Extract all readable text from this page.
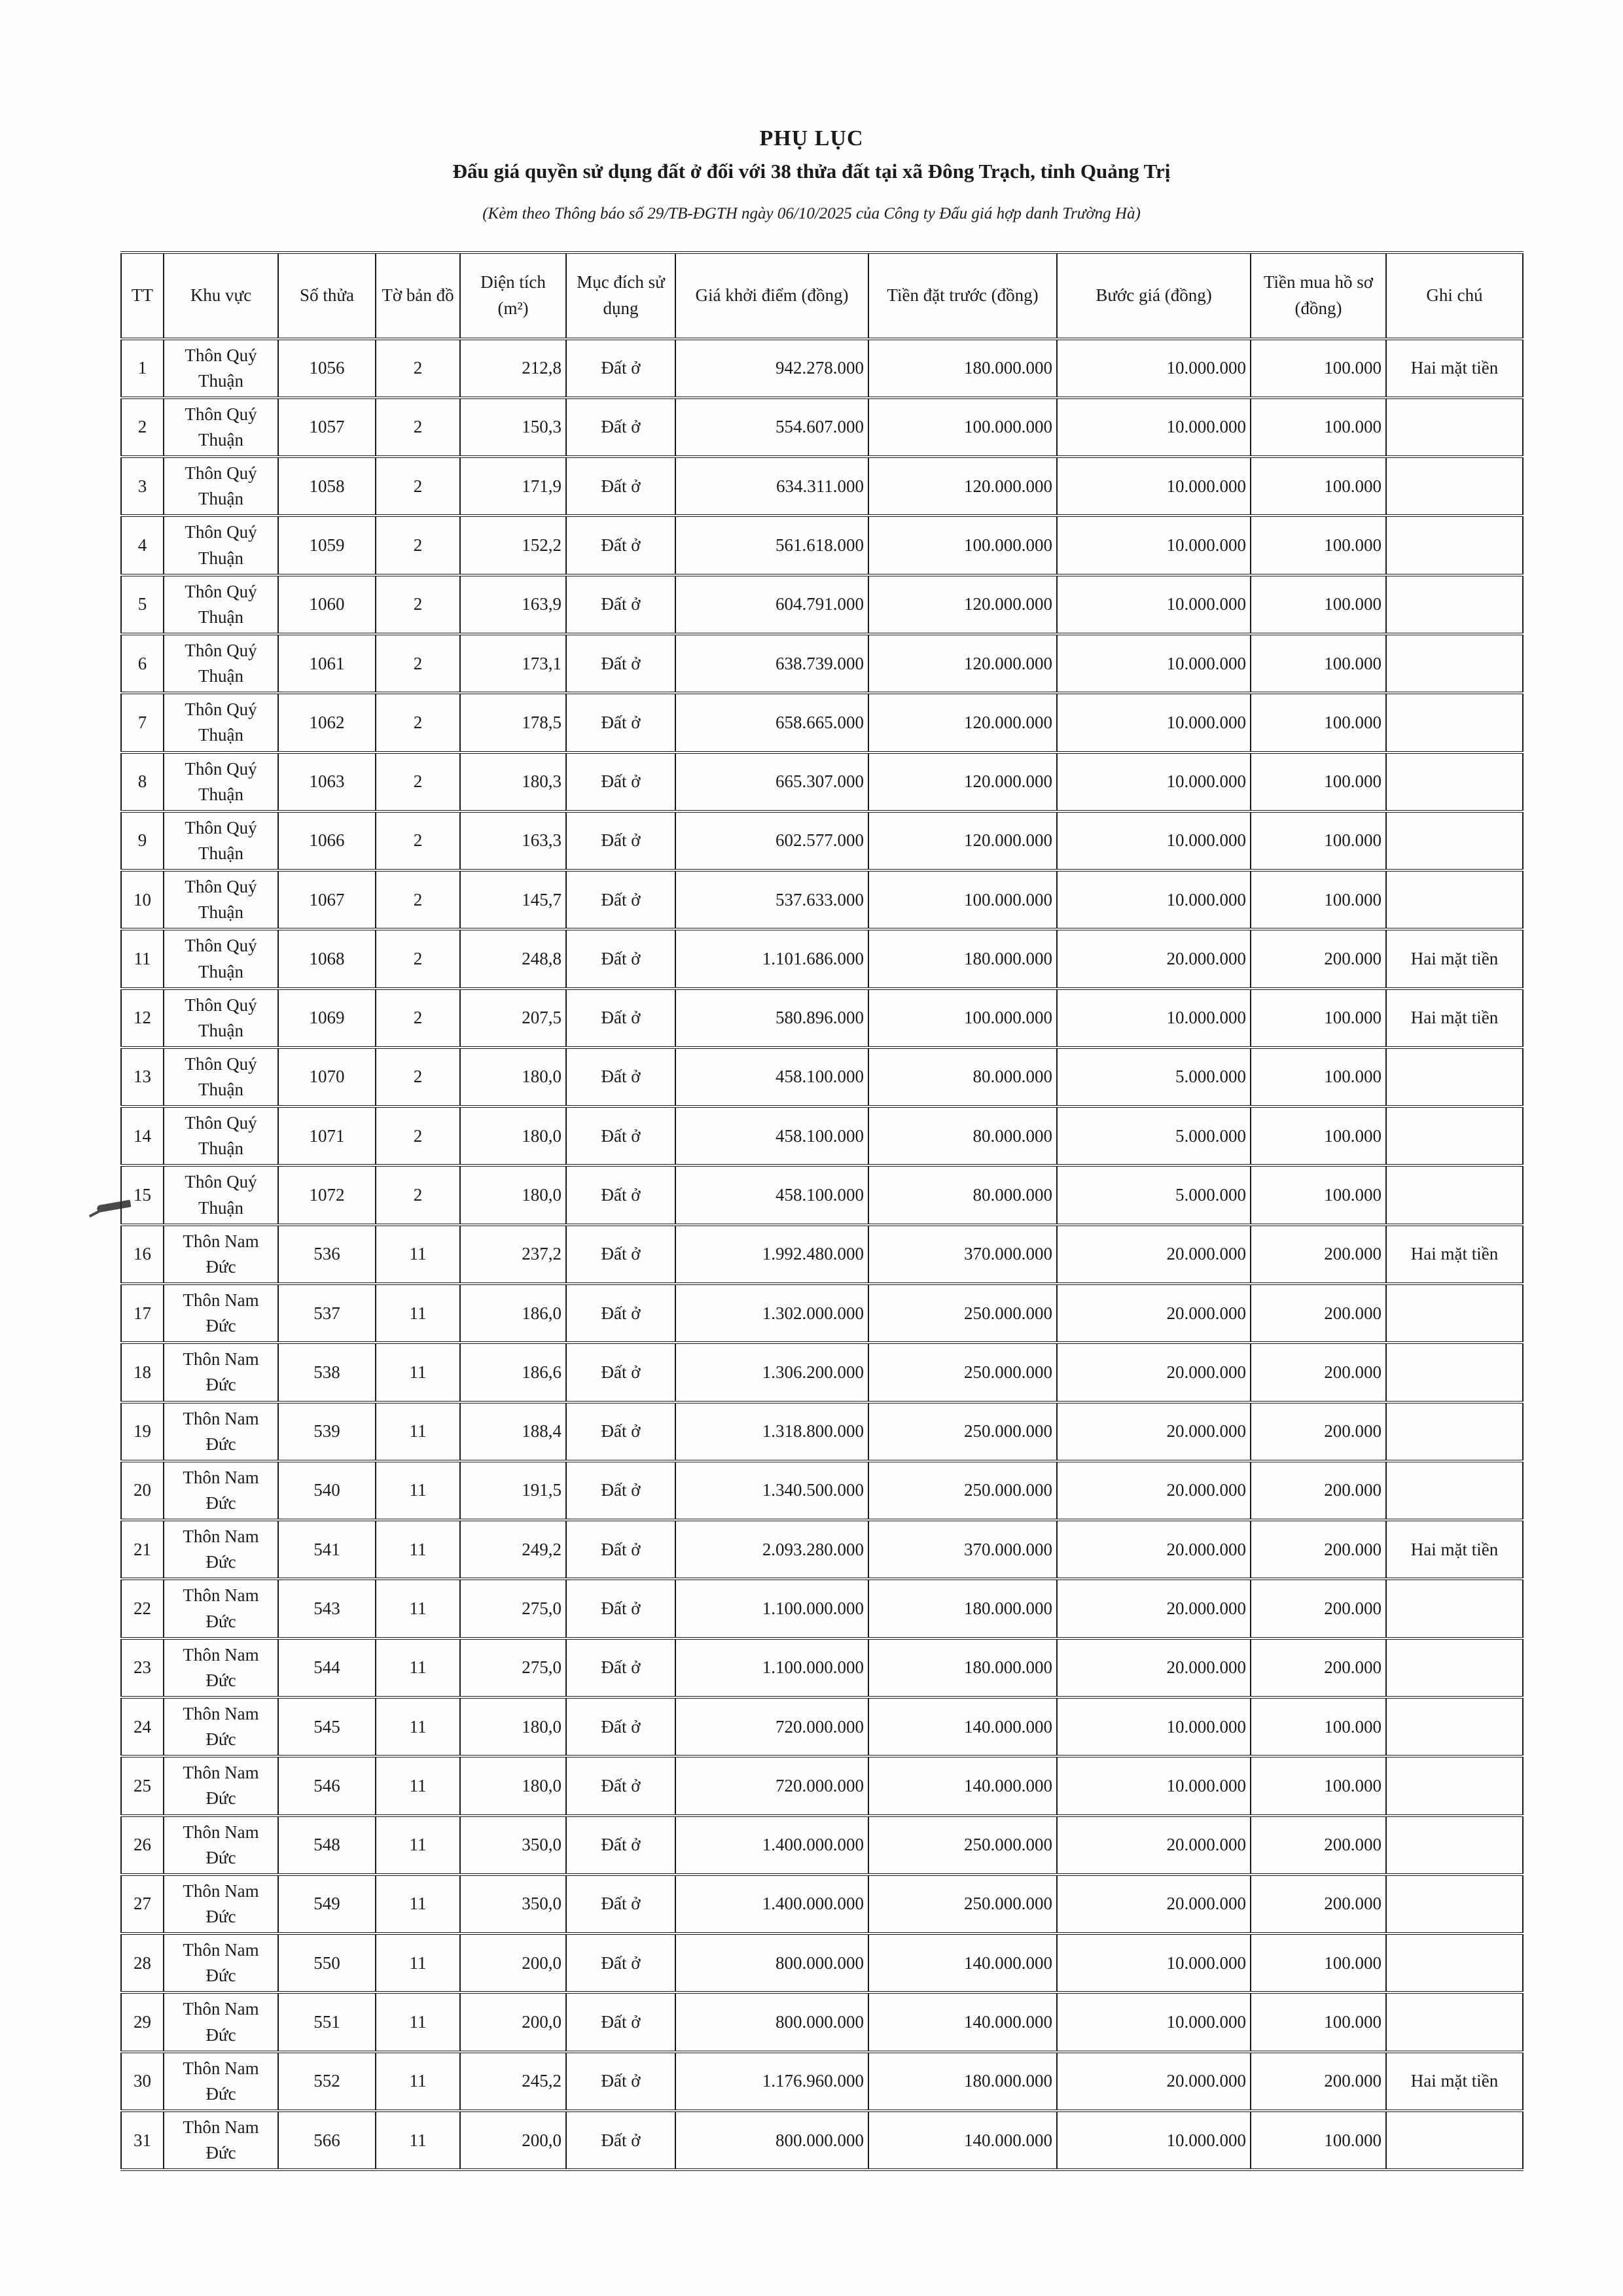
PHỤ LỤC
Đấu giá quyền sử dụng đất ở đối với 38 thửa đất tại xã Đông Trạch, tỉnh Quảng Trị
(Kèm theo Thông báo số 29/TB-ĐGTH ngày 06/10/2025 của Công ty Đấu giá hợp danh Trường Hà)
TT	Khu vực	Số thửa	Tờ bản đồ	Diện tích (m²)	Mục đích sử dụng	Giá khởi điểm (đồng)	Tiền đặt trước (đồng)	Bước giá (đồng)	Tiền mua hồ sơ (đồng)	Ghi chú
1	Thôn Quý Thuận	1056	2	212,8	Đất ở	942.278.000	180.000.000	10.000.000	100.000	Hai mặt tiền
2	Thôn Quý Thuận	1057	2	150,3	Đất ở	554.607.000	100.000.000	10.000.000	100.000	
3	Thôn Quý Thuận	1058	2	171,9	Đất ở	634.311.000	120.000.000	10.000.000	100.000	
4	Thôn Quý Thuận	1059	2	152,2	Đất ở	561.618.000	100.000.000	10.000.000	100.000	
5	Thôn Quý Thuận	1060	2	163,9	Đất ở	604.791.000	120.000.000	10.000.000	100.000	
6	Thôn Quý Thuận	1061	2	173,1	Đất ở	638.739.000	120.000.000	10.000.000	100.000	
7	Thôn Quý Thuận	1062	2	178,5	Đất ở	658.665.000	120.000.000	10.000.000	100.000	
8	Thôn Quý Thuận	1063	2	180,3	Đất ở	665.307.000	120.000.000	10.000.000	100.000	
9	Thôn Quý Thuận	1066	2	163,3	Đất ở	602.577.000	120.000.000	10.000.000	100.000	
10	Thôn Quý Thuận	1067	2	145,7	Đất ở	537.633.000	100.000.000	10.000.000	100.000	
11	Thôn Quý Thuận	1068	2	248,8	Đất ở	1.101.686.000	180.000.000	20.000.000	200.000	Hai mặt tiền
12	Thôn Quý Thuận	1069	2	207,5	Đất ở	580.896.000	100.000.000	10.000.000	100.000	Hai mặt tiền
13	Thôn Quý Thuận	1070	2	180,0	Đất ở	458.100.000	80.000.000	5.000.000	100.000	
14	Thôn Quý Thuận	1071	2	180,0	Đất ở	458.100.000	80.000.000	5.000.000	100.000	
15	Thôn Quý Thuận	1072	2	180,0	Đất ở	458.100.000	80.000.000	5.000.000	100.000	
16	Thôn Nam Đức	536	11	237,2	Đất ở	1.992.480.000	370.000.000	20.000.000	200.000	Hai mặt tiền
17	Thôn Nam Đức	537	11	186,0	Đất ở	1.302.000.000	250.000.000	20.000.000	200.000	
18	Thôn Nam Đức	538	11	186,6	Đất ở	1.306.200.000	250.000.000	20.000.000	200.000	
19	Thôn Nam Đức	539	11	188,4	Đất ở	1.318.800.000	250.000.000	20.000.000	200.000	
20	Thôn Nam Đức	540	11	191,5	Đất ở	1.340.500.000	250.000.000	20.000.000	200.000	
21	Thôn Nam Đức	541	11	249,2	Đất ở	2.093.280.000	370.000.000	20.000.000	200.000	Hai mặt tiền
22	Thôn Nam Đức	543	11	275,0	Đất ở	1.100.000.000	180.000.000	20.000.000	200.000	
23	Thôn Nam Đức	544	11	275,0	Đất ở	1.100.000.000	180.000.000	20.000.000	200.000	
24	Thôn Nam Đức	545	11	180,0	Đất ở	720.000.000	140.000.000	10.000.000	100.000	
25	Thôn Nam Đức	546	11	180,0	Đất ở	720.000.000	140.000.000	10.000.000	100.000	
26	Thôn Nam Đức	548	11	350,0	Đất ở	1.400.000.000	250.000.000	20.000.000	200.000	
27	Thôn Nam Đức	549	11	350,0	Đất ở	1.400.000.000	250.000.000	20.000.000	200.000	
28	Thôn Nam Đức	550	11	200,0	Đất ở	800.000.000	140.000.000	10.000.000	100.000	
29	Thôn Nam Đức	551	11	200,0	Đất ở	800.000.000	140.000.000	10.000.000	100.000	
30	Thôn Nam Đức	552	11	245,2	Đất ở	1.176.960.000	180.000.000	20.000.000	200.000	Hai mặt tiền
31	Thôn Nam Đức	566	11	200,0	Đất ở	800.000.000	140.000.000	10.000.000	100.000	
